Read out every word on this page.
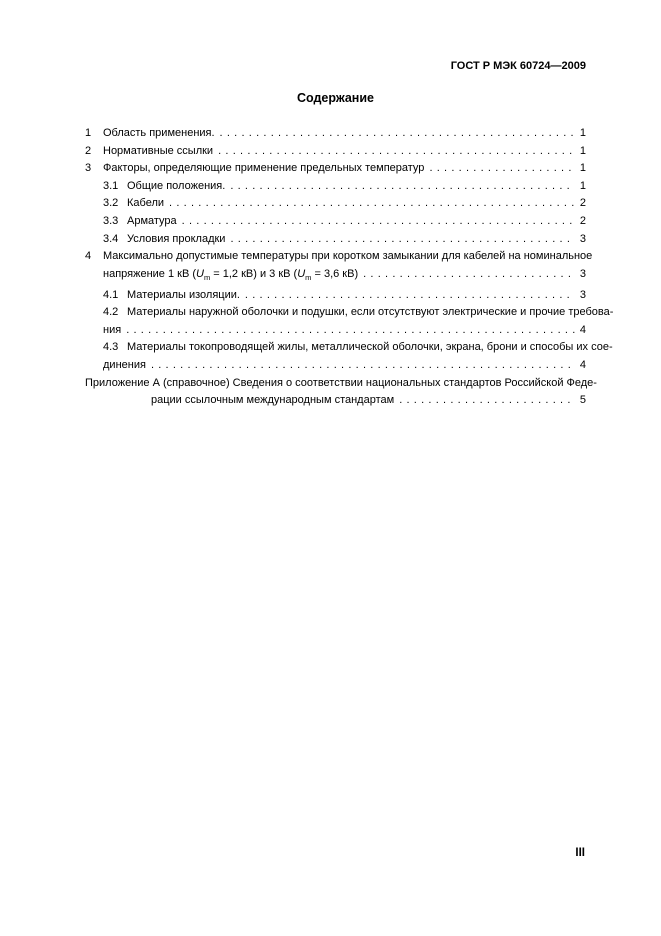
ГОСТ Р МЭК 60724—2009
Содержание
1	Область применения. . . .	1
2	Нормативные ссылки . . .	1
3	Факторы, определяющие применение предельных температур . . .	1
3.1 Общие положения. . . .	1
3.2 Кабели . . .	2
3.3 Арматура . . .	2
3.4 Условия прокладки . . .	3
4 Максимально допустимые температуры при коротком замыкании для кабелей на номинальное
напряжение 1 кВ ($U_m = 1,2$ кВ) и 3 кВ ($U_m = 3,6$ кВ) . . .	3
4.1 Материалы изоляции. . . .	3
4.2 Материалы наружной оболочки и подушки, если отсутствуют электрические и прочие требова-
ния . . .	4
4.3 Материалы токопроводящей жилы, металлической оболочки, экрана, брони и способы их сое-
динения . . .	4
Приложение А (справочное) Сведения о соответствии национальных стандартов Российской Феде-
рации ссылочным международным стандартам . . .	5
III
